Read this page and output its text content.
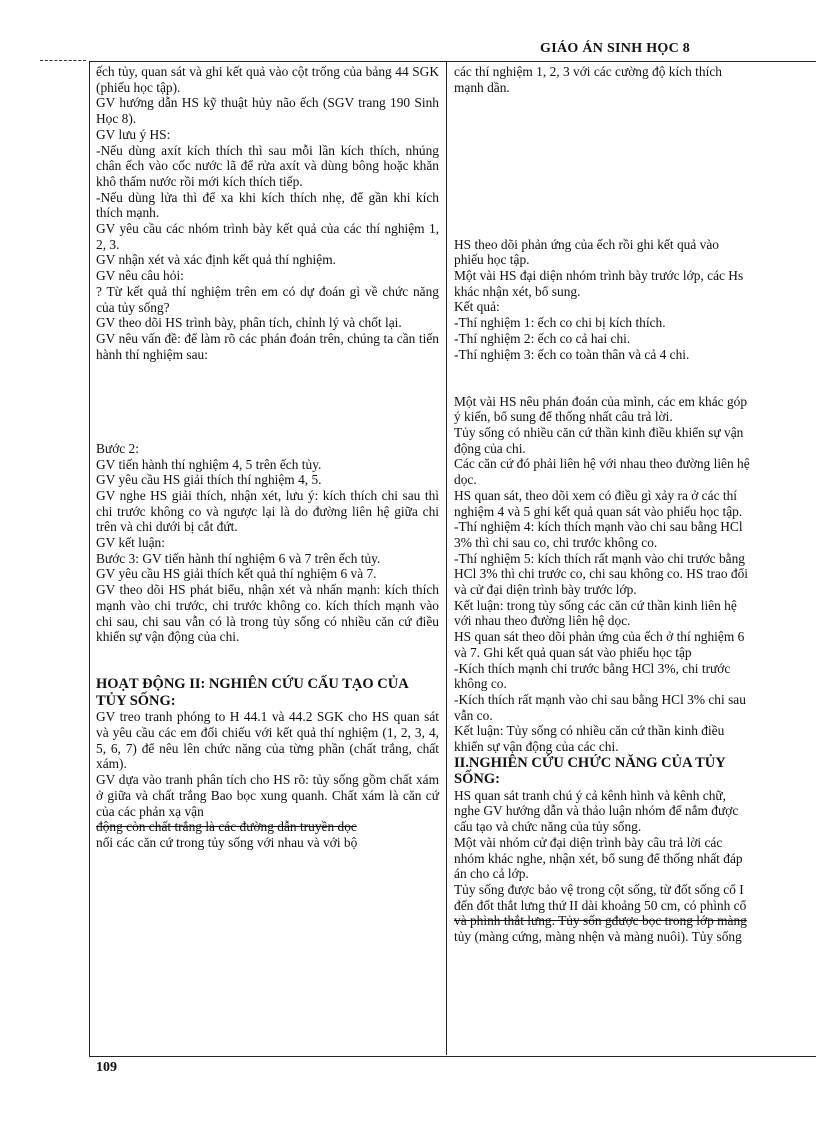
GIÁO ÁN SINH HỌC 8

ếch tủy, quan sát và ghi kết quả vào cột trống của bảng 44 SGK (phiếu học tập).

GV hướng dẫn HS kỹ thuật hủy não ếch (SGV trang 190 Sinh Học 8).

GV lưu ý HS:

-Nếu dùng axít kích thích thì sau mỗi lần kích thích, nhúng chân ếch vào cốc nước lã để rửa axít và dùng bông hoặc khăn khô thấm nước rồi mới kích thích tiếp.

-Nếu dùng lửa thì để xa khi kích thích nhẹ, để gần khi kích thích mạnh.

GV yêu cầu các nhóm trình bày kết quả của các thí nghiệm 1, 2, 3.

GV nhận xét và xác định kết quả thí nghiệm.

GV nêu câu hỏi:

? Từ kết quả thí nghiệm trên em có dự đoán gì về chức năng của tủy sống?

GV theo dõi HS trình bày, phân tích, chỉnh lý và chốt lại.

GV nêu vấn đề: để làm rõ các phán đoán trên, chúng ta cần tiến hành thí nghiệm sau:

Bước 2:

GV tiến hành thí nghiệm 4, 5 trên ếch tủy.

GV yêu cầu HS giải thích thí nghiệm 4, 5.

GV nghe HS giải thích, nhận xét, lưu ý: kích thích chi sau thì chi trước không co và ngược lại là do đường liên hệ giữa chi trên và chi dưới bị cắt đứt.

GV kết luận:

Bước 3: GV tiến hành thí nghiệm 6 và 7 trên ếch tủy.

GV yêu cầu HS giải thích kết quả thí nghiệm 6 và 7.

GV theo dõi HS phát biểu, nhận xét và nhấn mạnh: kích thích mạnh vào chi trước, chi trước không co. kích thích mạnh vào chi sau, chi sau vẫn có là trong tủy sống có nhiều căn cứ điều khiển sự vận động của chi.

HOẠT ĐỘNG II: NGHIÊN CỨU CẤU TẠO CỦA TỦY SỐNG:

GV treo tranh phóng to H 44.1 và 44.2 SGK cho HS quan sát và yêu cầu các em đối chiếu với kết quả thí nghiệm (1, 2, 3, 4, 5, 6, 7) để nêu lên chức năng của từng phần (chất trắng, chất xám).

GV dựa vào tranh phân tích cho HS rõ: tủy sống gồm chất xám ở giữa và chất trắng Bao bọc xung quanh. Chất xám là căn cứ của các phản xạ vận

động còn chất trắng là các đường dẫn truyền dọc

nối các căn cứ trong tủy sống với nhau và với bộ

các thí nghiệm 1, 2, 3 với các cường độ kích thích

mạnh dần.

HS theo dõi phản ứng của ếch rồi ghi kết quả vào

phiếu học tập.

Một vài HS đại diện nhóm trình bày trước lớp, các Hs

khác nhận xét, bổ sung.

Kết quả:

-Thí nghiệm 1: ếch co chi bị kích thích.

-Thí nghiệm 2: ếch co cả hai chi.

-Thí nghiệm 3: ếch co toàn thân và cả 4 chi.

Một vài HS nêu phán đoán của mình, các em khác góp

ý kiến, bổ sung để thống nhất câu trả lời.

Tủy sống có nhiều căn cứ thần kinh điều khiển sự vận

động của chi.

Các căn cứ đó phải liên hệ với nhau theo đường liên hệ

dọc.

HS quan sát, theo dõi xem có điều gì xảy ra ở các thí

nghiệm 4 và 5 ghi kết quả quan sát vào phiếu học tập.

-Thí nghiệm 4: kích thích mạnh vào chi sau bằng HCl

3% thì chi sau co, chi trước không co.

-Thí nghiệm 5: kích thích rất mạnh vào chi trước bằng

HCl 3% thì chi trước co, chi sau không co. HS trao đổi

và cử đại diện trình bày trước lớp.

Kết luận: trong tủy sống các căn cứ thần kinh liên hệ

với nhau theo đường liên hệ dọc.

HS quan sát theo dõi phản ứng của ếch ở thí nghiệm 6

và 7. Ghi kết quả quan sát vào phiếu học tập

-Kích thích mạnh chi trước bằng HCl 3%, chi trước

không co.

-Kích thích rất mạnh vào chi sau bằng HCl 3% chi sau

vẫn co.

Kết luận: Tủy sống có nhiều căn cứ thần kinh điều

khiển sự vận động của các chi.

II.NGHIÊN CỨU CHỨC NĂNG CỦA TỦY

SỐNG:

HS quan sát tranh chú ý cả kênh hình và kênh chữ,

nghe GV hướng dẫn và thảo luận nhóm để nắm được

cấu tạo và chức năng của tủy sống.

Một vài nhóm cử đại diện trình bày câu trả lời các

nhóm khác nghe, nhận xét, bổ sung để thống nhất đáp

án cho cả lớp.

Tủy sống được bảo vệ trong cột sống, từ đốt sống cổ I

đến đốt thắt lưng thứ II dài khoảng 50 cm, có phình cổ

và phình thắt lưng. Tủy sốn gđược bọc trong lớp màng

tủy (màng cứng, màng nhện và màng nuôi). Tủy sống

109
